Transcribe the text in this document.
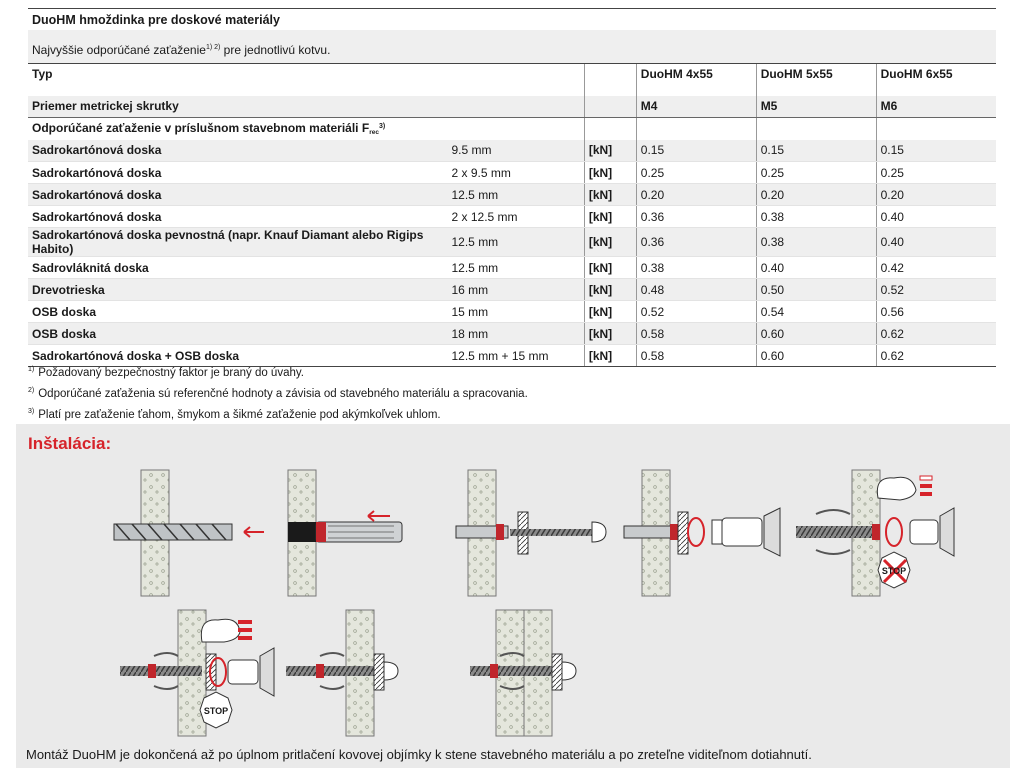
DuoHM hmoždinka pre doskové materiály
Najvyššie odporúčané zaťaženie$^{1) 2)}$ pre jednotlivú kotvu.
Typ			DuoHM 4x55	DuoHM 5x55	DuoHM 6x55
Priemer metrickej skrutky			M4	M5	M6
Odporúčané zaťaženie v príslušnom stavebnom materiáli $F_{rec}^{3)}$				
Sadrokartónová doska	9.5 mm	[kN]	0.15	0.15	0.15
Sadrokartónová doska	2 x 9.5 mm	[kN]	0.25	0.25	0.25
Sadrokartónová doska	12.5 mm	[kN]	0.20	0.20	0.20
Sadrokartónová doska	2 x 12.5 mm	[kN]	0.36	0.38	0.40
Sadrokartónová doska pevnostná (napr. Knauf Diamant alebo Rigips Habito)	12.5 mm	[kN]	0.36	0.38	0.40
Sadrovláknitá doska	12.5 mm	[kN]	0.38	0.40	0.42
Drevotrieska	16 mm	[kN]	0.48	0.50	0.52
OSB doska	15 mm	[kN]	0.52	0.54	0.56
OSB doska	18 mm	[kN]	0.58	0.60	0.62
Sadrokartónová doska + OSB doska	12.5 mm + 15 mm	[kN]	0.58	0.60	0.62
$^{1)}$ Požadovaný bezpečnostný faktor je braný do úvahy.
$^{2)}$ Odporúčané zaťaženia sú referenčné hodnoty a závisia od stavebného materiálu a spracovania.
$^{3)}$ Platí pre zaťaženie ťahom, šmykom a šikmé zaťaženie pod akýmkoľvek uhlom.
Inštalácia:
STOP
STOP
Montáž DuoHM je dokončená až po úplnom pritlačení kovovej objímky k stene stavebného materiálu a po zreteľne viditeľnom dotiahnutí.
